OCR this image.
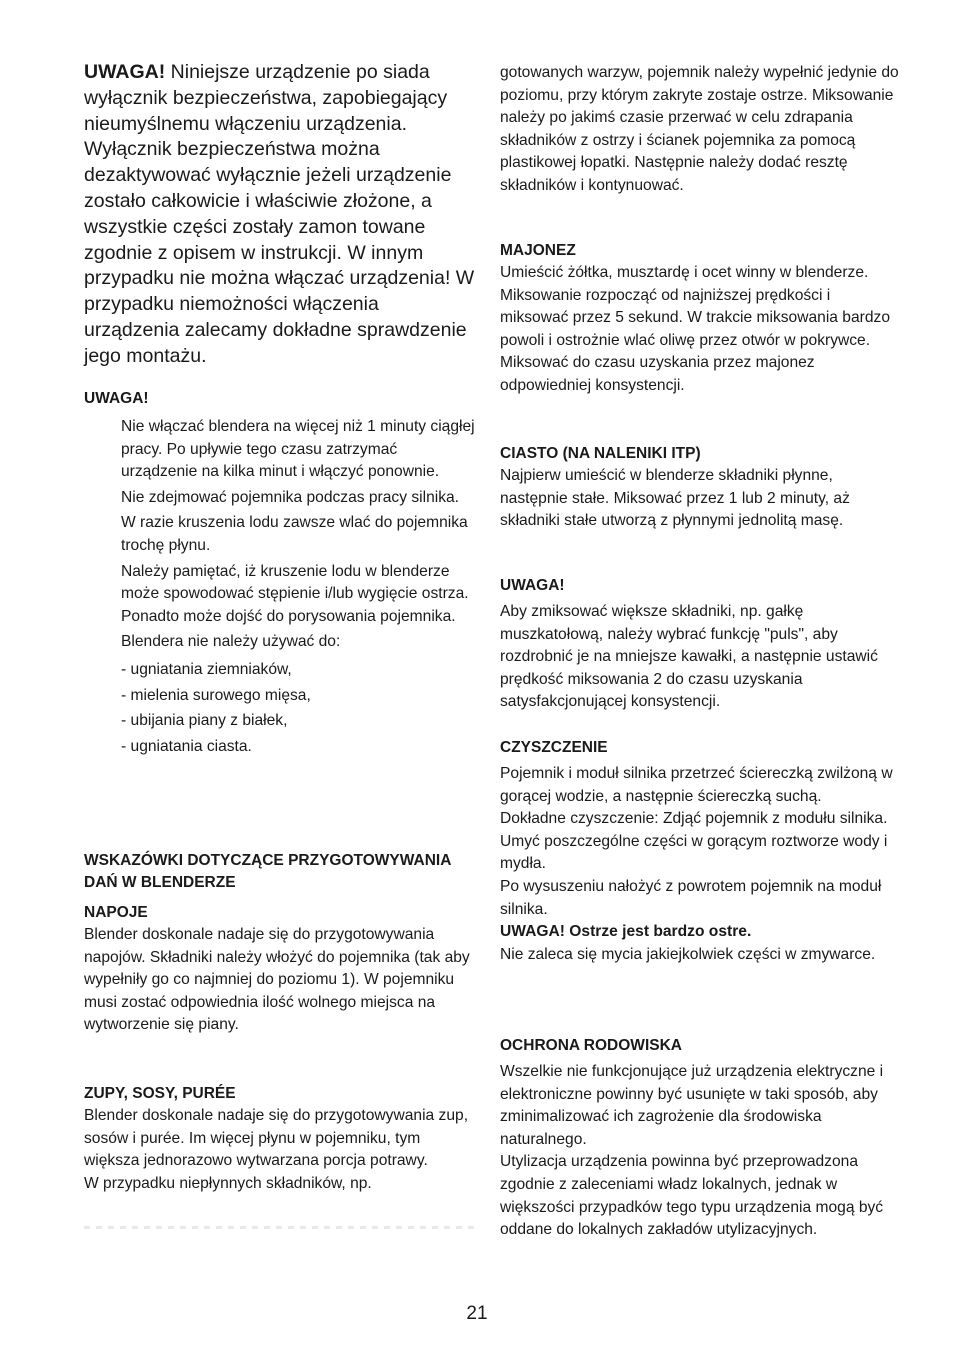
UWAGA! Niniejsze urządzenie po siada wyłącznik bezpieczeństwa, zapobiegający nieumyślnemu włączeniu urządzenia. Wyłącznik bezpieczeństwa można dezaktywować wyłącznie jeżeli urządzenie zostało całkowicie i właściwie złożone, a wszystkie części zostały zamon towane zgodnie z opisem w instrukcji. W innym przypadku nie można włączać urządzenia! W przypadku niemożności włączenia urządzenia zalecamy dokładne sprawdzenie jego montażu.

UWAGA!

Nie włączać blendera na więcej niż 1 minuty ciągłej pracy. Po upływie tego czasu zatrzymać urządzenie na kilka minut i włączyć ponownie.
Nie zdejmować pojemnika podczas pracy silnika.
W razie kruszenia lodu zawsze wlać do pojemnika trochę płynu.
Należy pamiętać, iż kruszenie lodu w blenderze może spowodować stępienie i/lub wygięcie ostrza. Ponadto może dojść do porysowania pojemnika.
Blendera nie należy używać do:

- ugniatania ziemniaków,

- mielenia surowego mięsa,

- ubijania piany z białek,

- ugniatania ciasta.

WSKAZÓWKI DOTYCZĄCE PRZYGOTOWYWANIA DAŃ W BLENDERZE

NAPOJE

Blender doskonale nadaje się do przygotowywania napojów. Składniki należy włożyć do pojemnika (tak aby wypełniły go co najmniej do poziomu 1). W pojemniku musi zostać odpowiednia ilość wolnego miejsca na wytworzenie się piany.

ZUPY, SOSY, PURÉE

Blender doskonale nadaje się do przygotowywania zup, sosów i purée. Im więcej płynu w pojemniku, tym większa jednorazowo wytwarzana porcja potrawy.

W przypadku niepłynnych składników, np.

gotowanych warzyw, pojemnik należy wypełnić jedynie do poziomu, przy którym zakryte zostaje ostrze. Miksowanie należy po jakimś czasie przerwać w celu zdrapania składników z ostrzy i ścianek pojemnika za pomocą plastikowej łopatki. Następnie należy dodać resztę składników i kontynuować.

MAJONEZ

Umieścić żółtka, musztardę i ocet winny w blenderze. Miksowanie rozpocząć od najniższej prędkości i miksować przez 5 sekund. W trakcie miksowania bardzo powoli i ostrożnie wlać oliwę przez otwór w pokrywce.

Miksować do czasu uzyskania przez majonez odpowiedniej konsystencji.

CIASTO (NA NALENIKI ITP)

Najpierw umieścić w blenderze składniki płynne, następnie stałe. Miksować przez 1 lub 2 minuty, aż składniki stałe utworzą z płynnymi jednolitą masę.

UWAGA!

Aby zmiksować większe składniki, np. gałkę muszkatołową, należy wybrać funkcję "puls", aby rozdrobnić je na mniejsze kawałki, a następnie ustawić prędkość miksowania 2 do czasu uzyskania satysfakcjonującej konsystencji.

CZYSZCZENIE

Pojemnik i moduł silnika przetrzeć ściereczką zwilżoną w gorącej wodzie, a następnie ściereczką suchą.

Dokładne czyszczenie: Zdjąć pojemnik z modułu silnika. Umyć poszczególne części w gorącym roztworze wody i mydła.

Po wysuszeniu nałożyć z powrotem pojemnik na moduł silnika.

UWAGA! Ostrze jest bardzo ostre.

Nie zaleca się mycia jakiejkolwiek części w zmywarce.

OCHRONA RODOWISKA

Wszelkie nie funkcjonujące już urządzenia elektryczne i elektroniczne powinny być usunięte w taki sposób, aby zminimalizować ich zagrożenie dla środowiska naturalnego.

Utylizacja urządzenia powinna być przeprowadzona zgodnie z zaleceniami władz lokalnych, jednak w większości przypadków tego typu urządzenia mogą być oddane do lokalnych zakładów utylizacyjnych.

21
